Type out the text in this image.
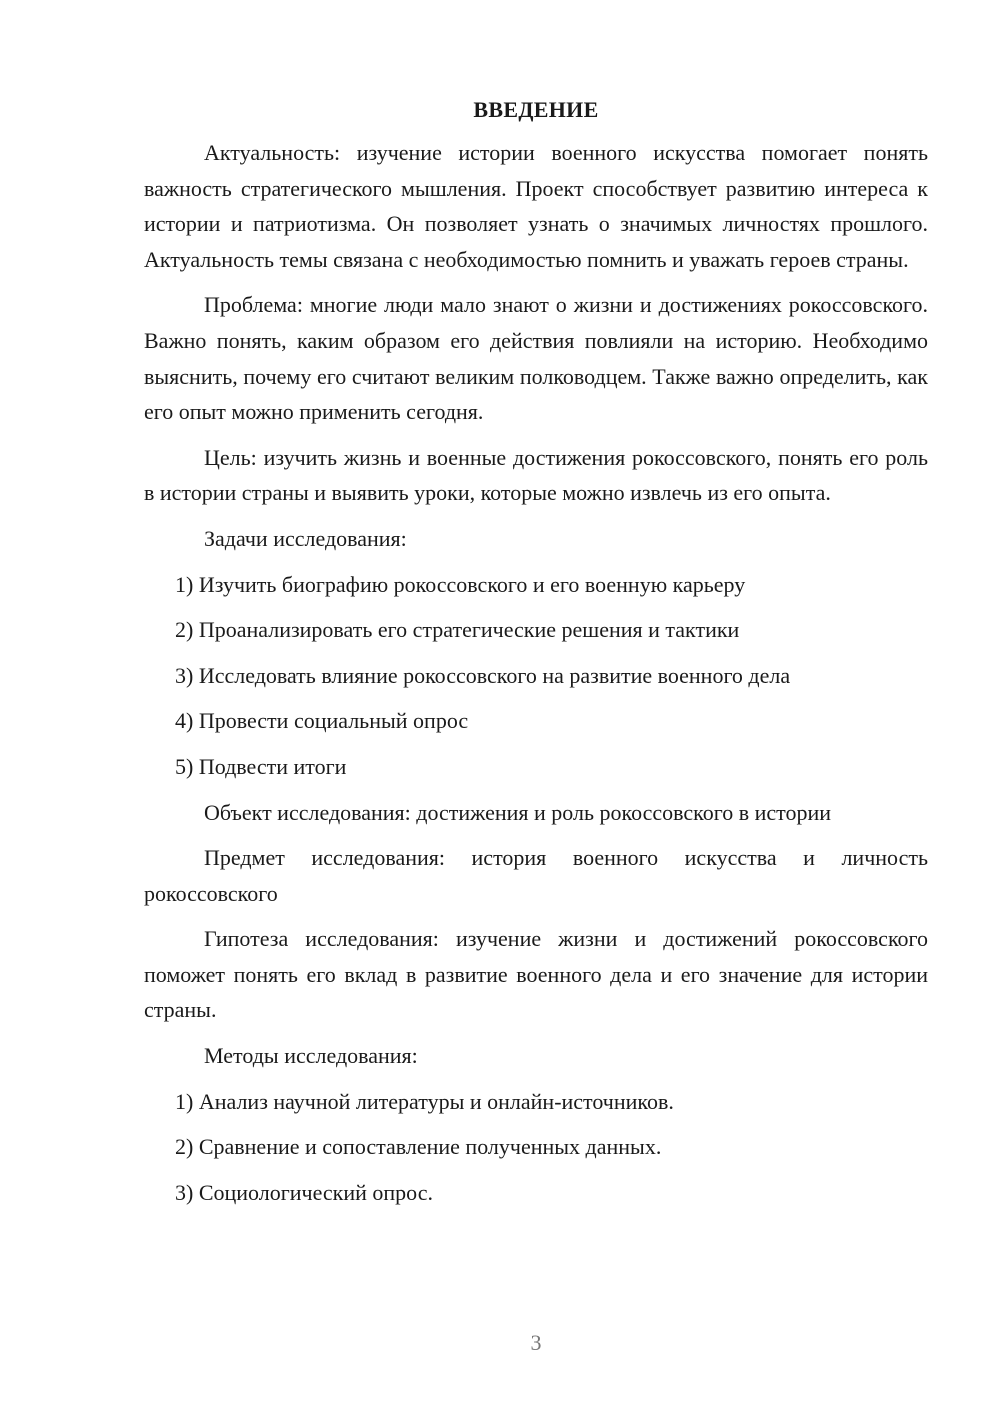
ВВЕДЕНИЕ

Актуальность: изучение истории военного искусства помогает понять важность стратегического мышления. Проект способствует развитию интереса к истории и патриотизма. Он позволяет узнать о значимых личностях прошлого. Актуальность темы связана с необходимостью помнить и уважать героев страны.

Проблема: многие люди мало знают о жизни и достижениях рокоссовского. Важно понять, каким образом его действия повлияли на историю. Необходимо выяснить, почему его считают великим полководцем. Также важно определить, как его опыт можно применить сегодня.

Цель: изучить жизнь и военные достижения рокоссовского, понять его роль в истории страны и выявить уроки, которые можно извлечь из его опыта.

Задачи исследования:

1) Изучить биографию рокоссовского и его военную карьеру
2) Проанализировать его стратегические решения и тактики
3) Исследовать влияние рокоссовского на развитие военного дела
4) Провести социальный опрос
5) Подвести итоги

Объект исследования: достижения и роль рокоссовского в истории

Предмет исследования: история военного искусства и личность рокоссовского

Гипотеза исследования: изучение жизни и достижений рокоссовского поможет понять его вклад в развитие военного дела и его значение для истории страны.

Методы исследования:

1) Анализ научной литературы и онлайн-источников.
2) Сравнение и сопоставление полученных данных.
3) Социологический опрос.
3
